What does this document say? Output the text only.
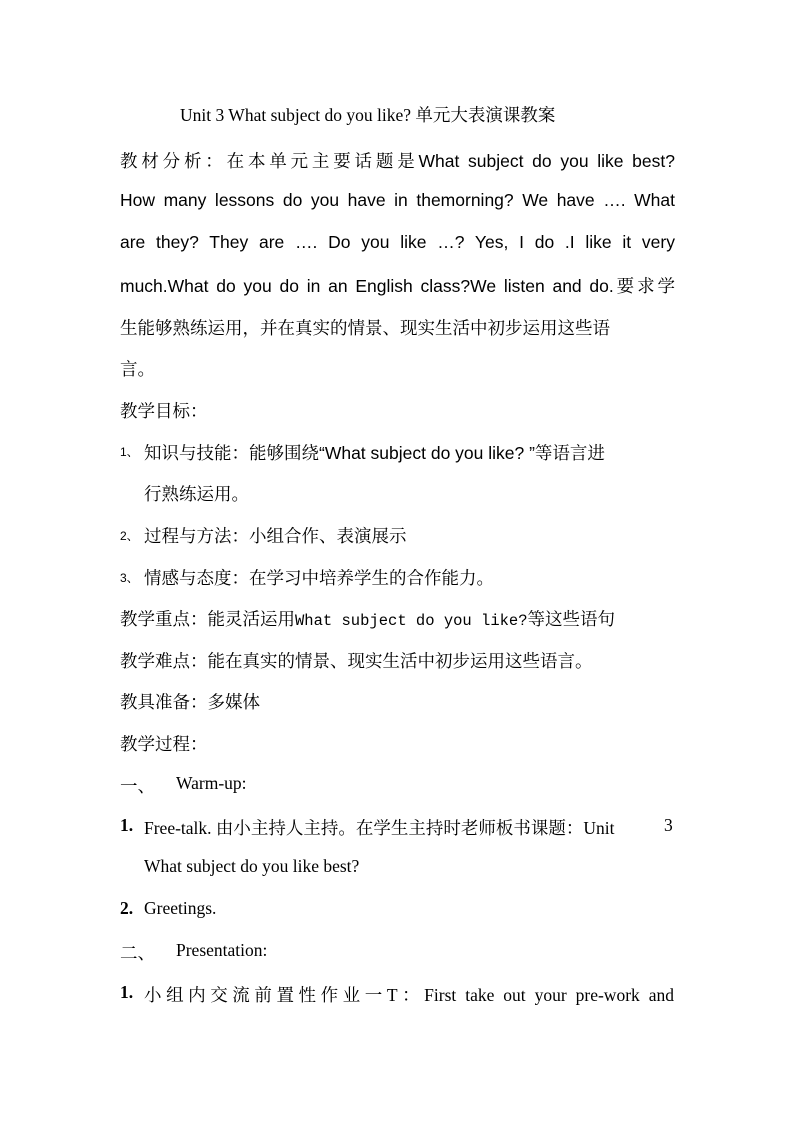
Unit 3 What subject do you like? 单元大表演课教案
教材分析：在本单元主要话题是What subject do you like best?
How many lessons do you have in themorning? We have …. What
are they? They are …. Do you like …? Yes, I do .I like it very
much.What do you do in an English class?We listen and do.要求学
生能够熟练运用，并在真实的情景、现实生活中初步运用这些语
言。
教学目标：
1、 知识与技能：能够围绕“What subject do you like? ”等语言进
行熟练运用。
2、 过程与方法：小组合作、表演展示
3、 情感与态度：在学习中培养学生的合作能力。
教学重点：能灵活运用What subject do you like?等这些语句
教学难点：能在真实的情景、现实生活中初步运用这些语言。
教具准备：多媒体
教学过程：
一、 Warm-up:
1. Free-talk. 由小主持人主持。在学生主持时老师板书课题：Unit	3
What subject do you like best?
2. Greetings.
二、 Presentation:
1. 小组内交流前置性作业一T：First take out your pre-work and
